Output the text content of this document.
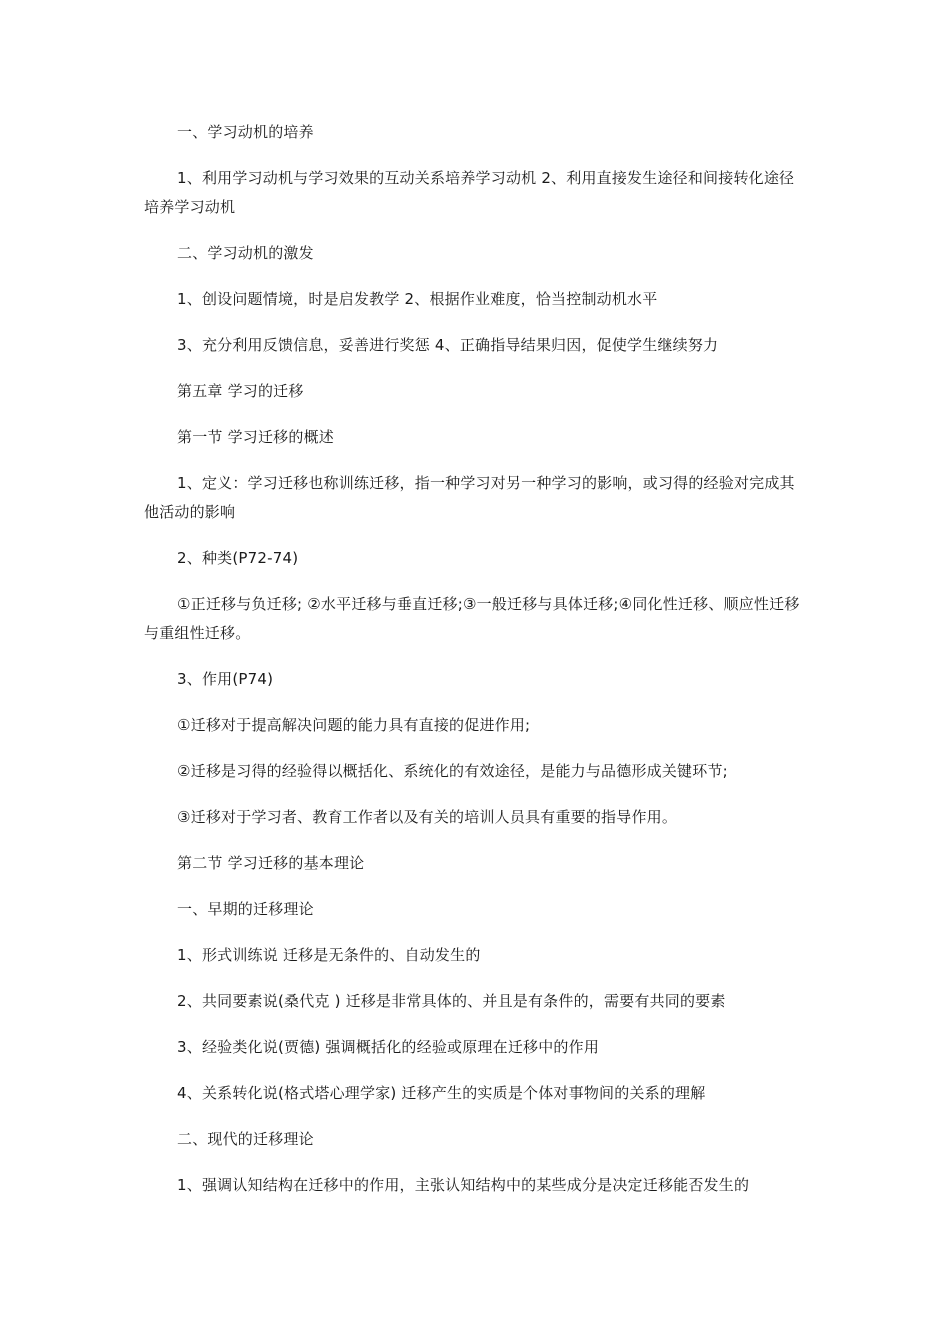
一、学习动机的培养

1、利用学习动机与学习效果的互动关系培养学习动机 2、利用直接发生途径和间接转化途径培养学习动机

二、学习动机的激发

1、创设问题情境，时是启发教学 2、根据作业难度，恰当控制动机水平

3、充分利用反馈信息，妥善进行奖惩 4、正确指导结果归因，促使学生继续努力

第五章 学习的迁移

第一节 学习迁移的概述

1、定义：学习迁移也称训练迁移，指一种学习对另一种学习的影响，或习得的经验对完成其他活动的影响

2、种类(P72-74)

①正迁移与负迁移; ②水平迁移与垂直迁移;③一般迁移与具体迁移;④同化性迁移、顺应性迁移与重组性迁移。

3、作用(P74)

①迁移对于提高解决问题的能力具有直接的促进作用;

②迁移是习得的经验得以概括化、系统化的有效途径，是能力与品德形成关键环节;

③迁移对于学习者、教育工作者以及有关的培训人员具有重要的指导作用。

第二节 学习迁移的基本理论

一、早期的迁移理论

1、形式训练说 迁移是无条件的、自动发生的

2、共同要素说(桑代克 ) 迁移是非常具体的、并且是有条件的，需要有共同的要素

3、经验类化说(贾德) 强调概括化的经验或原理在迁移中的作用

4、关系转化说(格式塔心理学家) 迁移产生的实质是个体对事物间的关系的理解

二、现代的迁移理论

1、强调认知结构在迁移中的作用，主张认知结构中的某些成分是决定迁移能否发生的
